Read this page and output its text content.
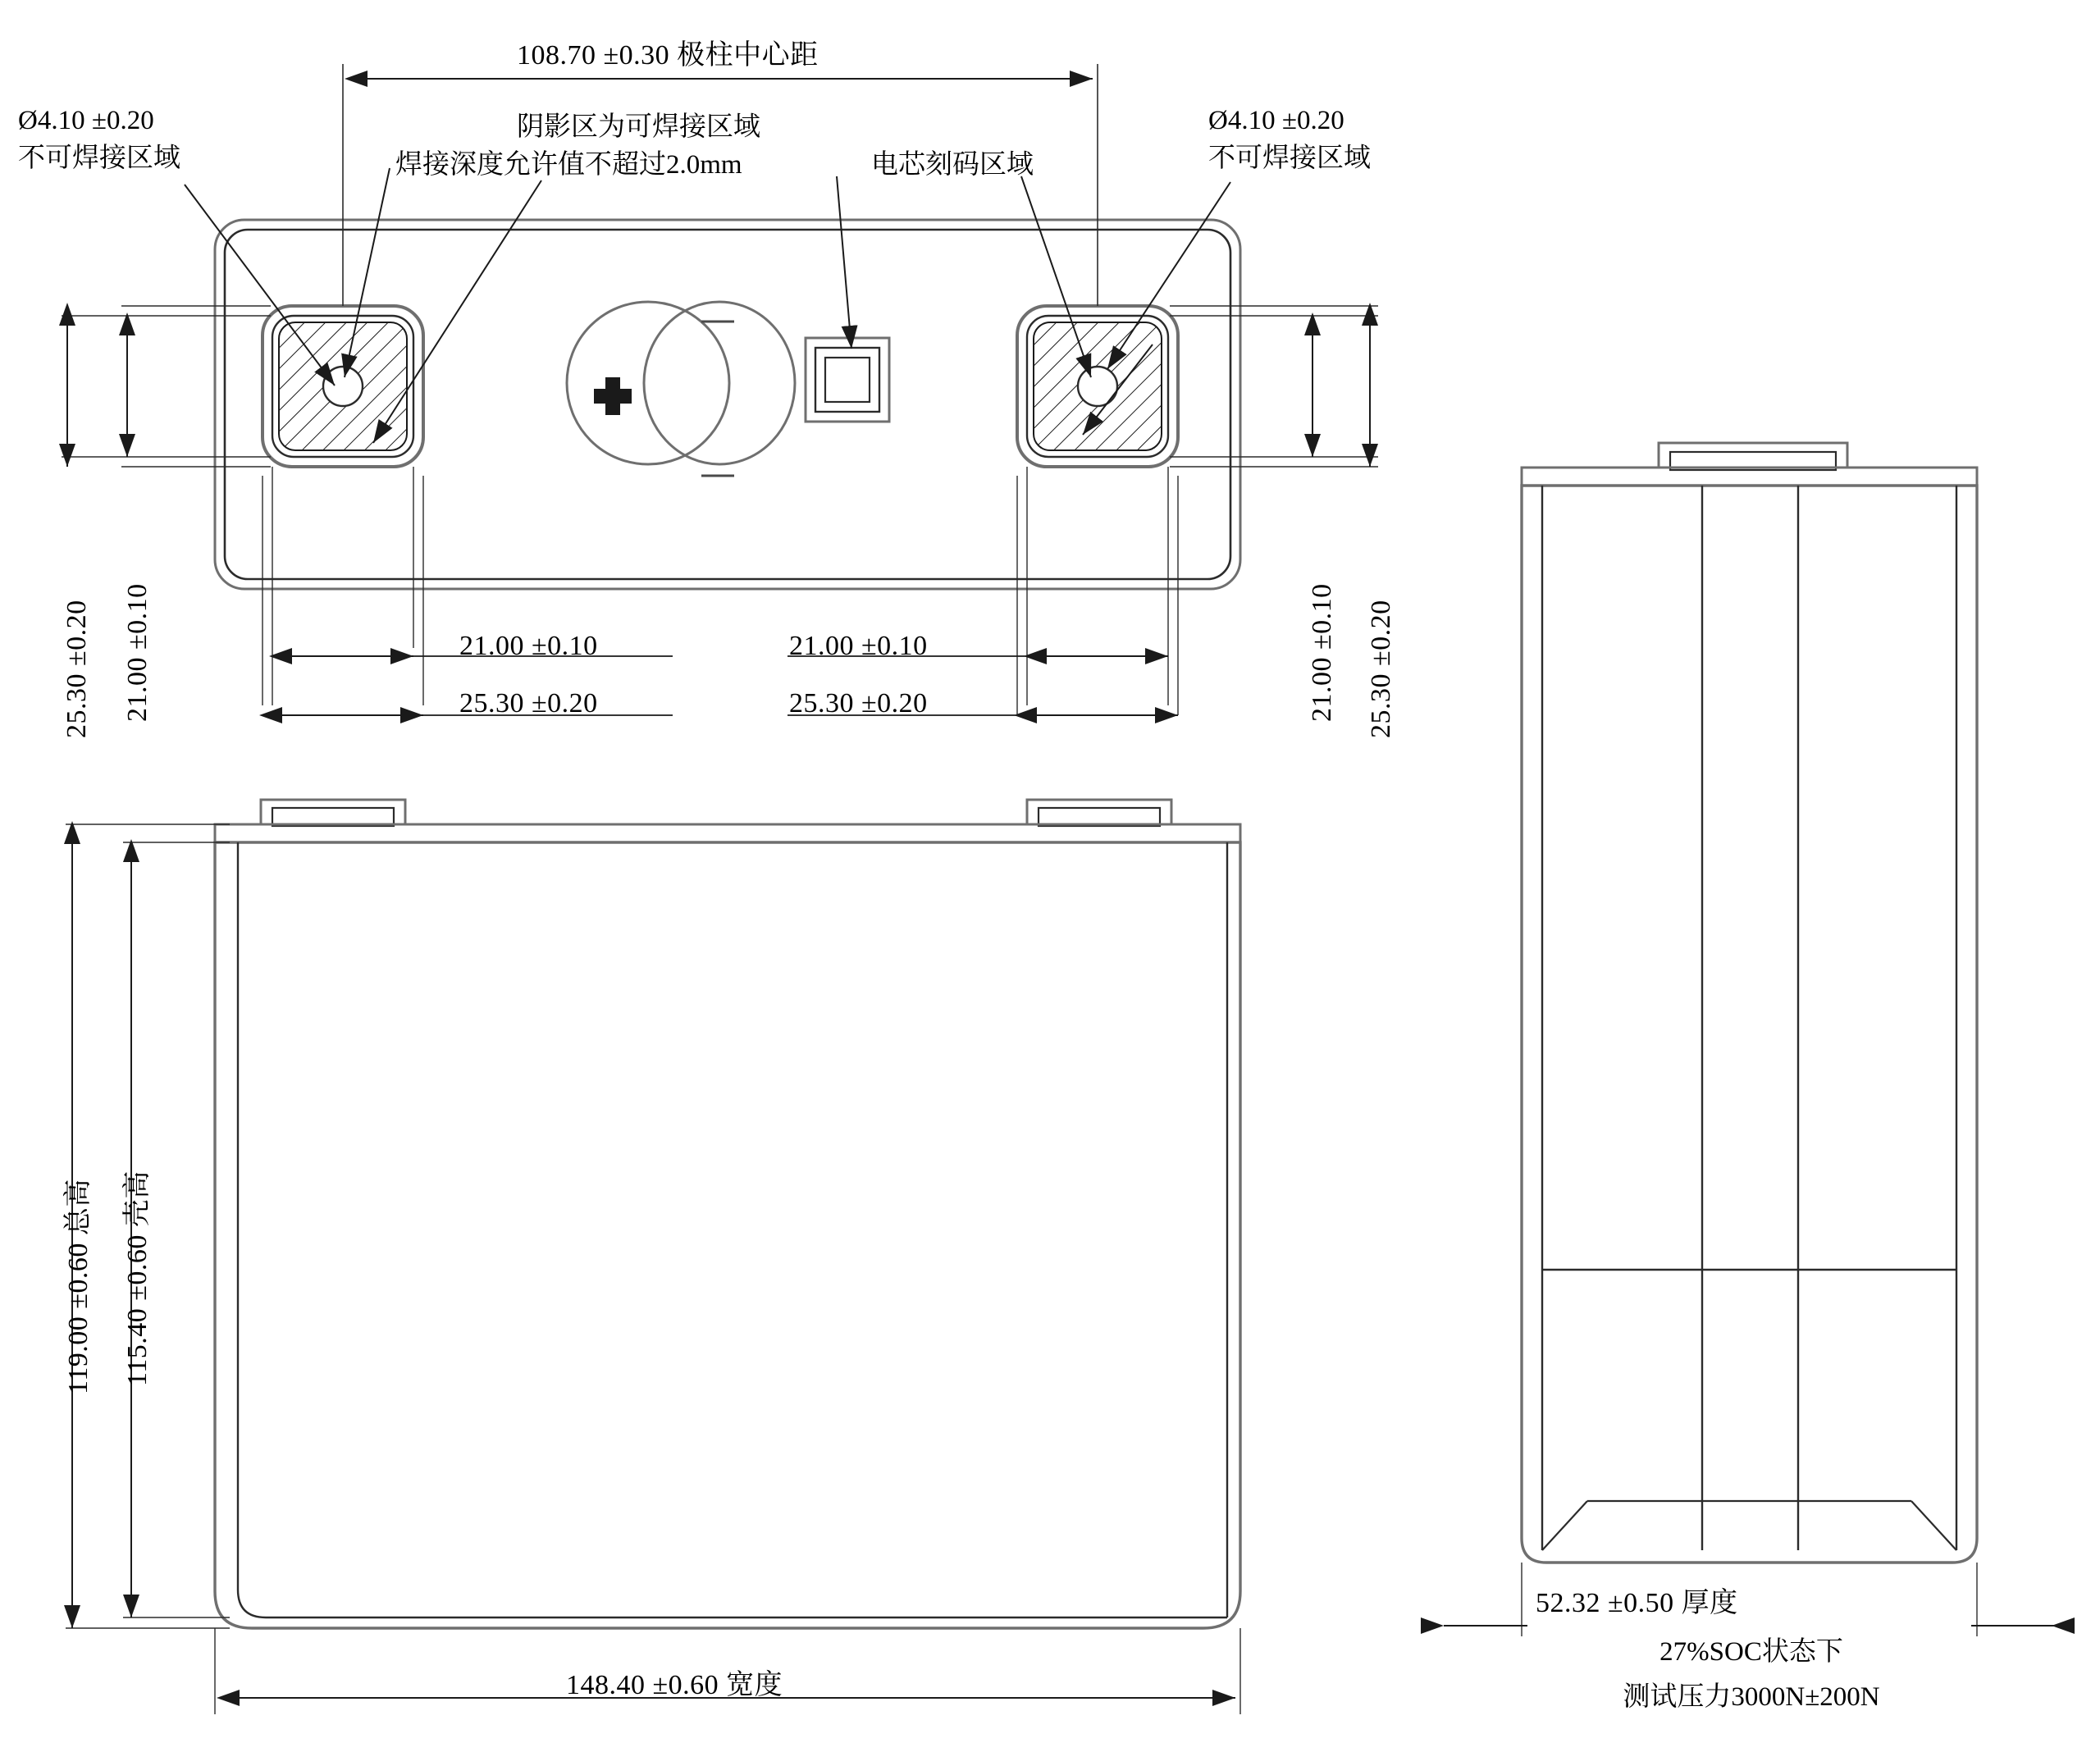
108.70 ±0.30 极柱中心距
Ø4.10 ±0.20
不可焊接区域
阴影区为可焊接区域
焊接深度允许值不超过2.0mm	电芯刻码区域
Ø4.10 ±0.20
不可焊接区域
25.30 ±0.20 21.00 ±0.10	21.00 ±0.10 25.30 ±0.20
21.00 ±0.10
25.30 ±0.20
21.00 ±0.10
25.30 ±0.20
119.00 ±0.60 总高 115.40 ±0.60 壳高
148.40 ±0.60 宽度
52.32 ±0.50 厚度
27%SOC状态下
测试压力3000N±200N
